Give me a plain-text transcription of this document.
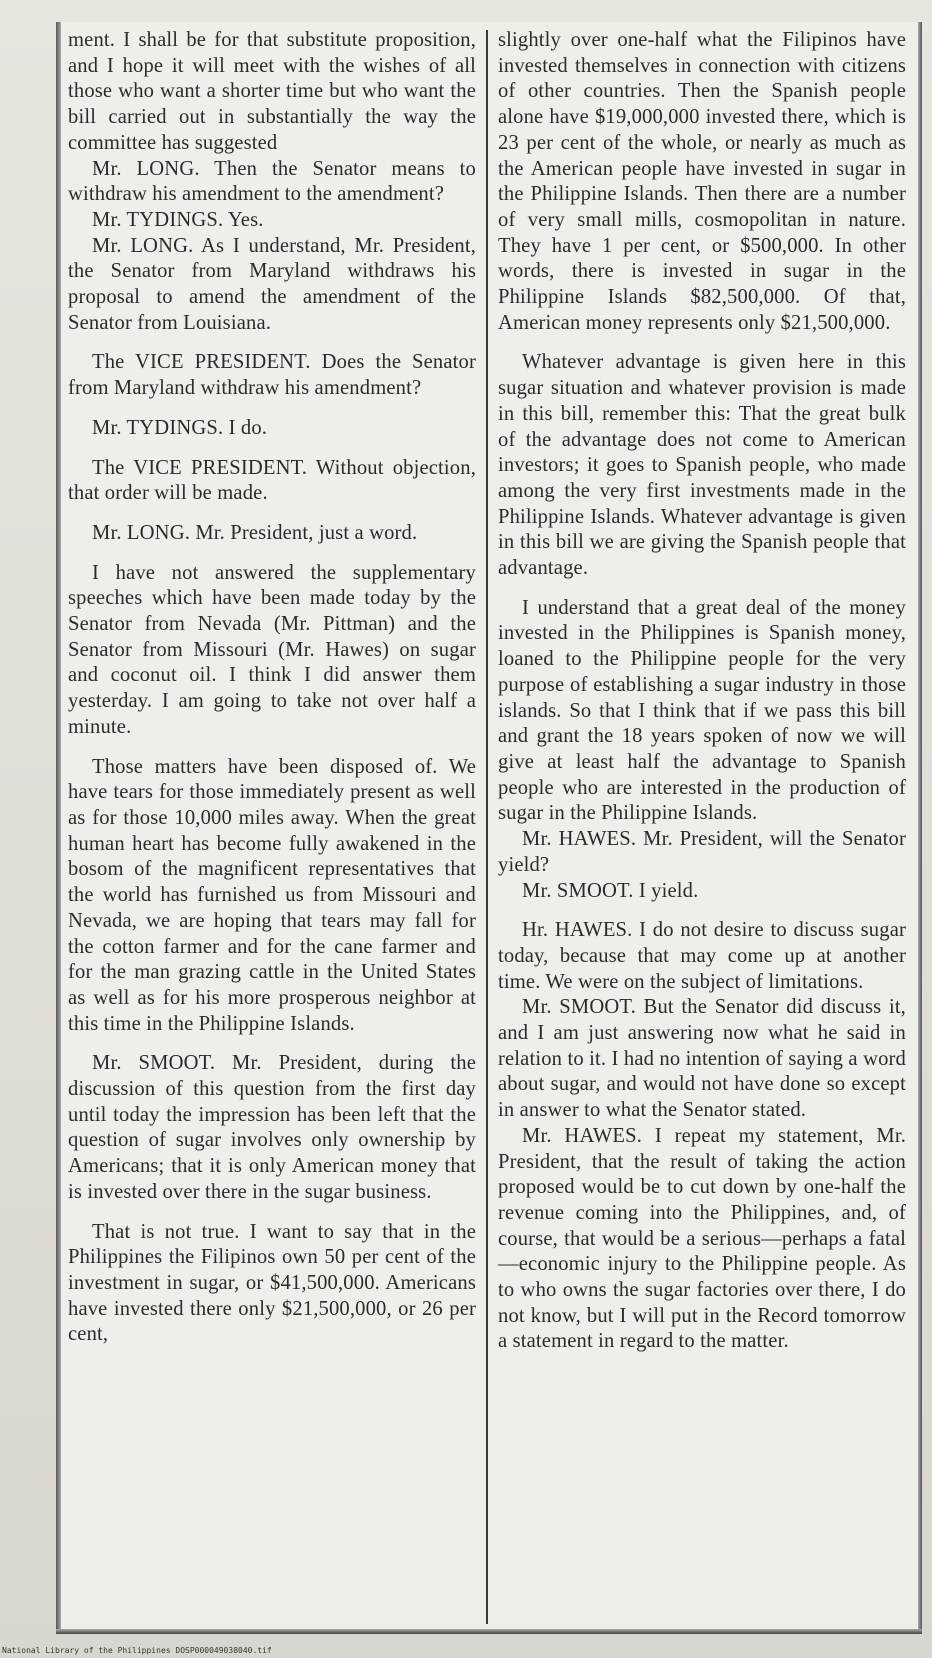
ment. I shall be for that substitute proposition, and I hope it will meet with the wishes of all those who want a shorter time but who want the bill carried out in substantially the way the committee has suggested

Mr. LONG. Then the Senator means to withdraw his amendment to the amendment?

Mr. TYDINGS. Yes.

Mr. LONG. As I understand, Mr. President, the Senator from Maryland withdraws his proposal to amend the amendment of the Senator from Louisiana.

The VICE PRESIDENT. Does the Senator from Maryland withdraw his amendment?

Mr. TYDINGS. I do.

The VICE PRESIDENT. Without objection, that order will be made.

Mr. LONG. Mr. President, just a word.

I have not answered the supplementary speeches which have been made today by the Senator from Nevada (Mr. Pittman) and the Senator from Missouri (Mr. Hawes) on sugar and coconut oil. I think I did answer them yesterday. I am going to take not over half a minute.

Those matters have been disposed of. We have tears for those immediately present as well as for those 10,000 miles away. When the great human heart has become fully awakened in the bosom of the magnificent representatives that the world has furnished us from Missouri and Nevada, we are hoping that tears may fall for the cotton farmer and for the cane farmer and for the man grazing cattle in the United States as well as for his more prosperous neighbor at this time in the Philippine Islands.

Mr. SMOOT. Mr. President, during the discussion of this question from the first day until today the impression has been left that the question of sugar involves only ownership by Americans; that it is only American money that is invested over there in the sugar business.

That is not true. I want to say that in the Philippines the Filipinos own 50 per cent of the investment in sugar, or $41,500,000. Americans have invested there only $21,500,000, or 26 per cent,

slightly over one-half what the Filipinos have invested themselves in connection with citizens of other countries. Then the Spanish people alone have $19,000,000 invested there, which is 23 per cent of the whole, or nearly as much as the American people have invested in sugar in the Philippine Islands. Then there are a number of very small mills, cosmopolitan in nature. They have 1 per cent, or $500,000. In other words, there is invested in sugar in the Philippine Islands $82,500,000. Of that, American money represents only $21,500,000.

Whatever advantage is given here in this sugar situation and whatever provision is made in this bill, remember this: That the great bulk of the advantage does not come to American investors; it goes to Spanish people, who made among the very first investments made in the Philippine Islands. Whatever advantage is given in this bill we are giving the Spanish people that advantage.

I understand that a great deal of the money invested in the Philippines is Spanish money, loaned to the Philippine people for the very purpose of establishing a sugar industry in those islands. So that I think that if we pass this bill and grant the 18 years spoken of now we will give at least half the advantage to Spanish people who are interested in the production of sugar in the Philippine Islands.

Mr. HAWES. Mr. President, will the Senator yield?

Mr. SMOOT. I yield.

Hr. HAWES. I do not desire to discuss sugar today, because that may come up at another time. We were on the subject of limitations.

Mr. SMOOT. But the Senator did discuss it, and I am just answering now what he said in relation to it. I had no intention of saying a word about sugar, and would not have done so except in answer to what the Senator stated.

Mr. HAWES. I repeat my statement, Mr. President, that the result of taking the action proposed would be to cut down by one-half the revenue coming into the Philippines, and, of course, that would be a serious—perhaps a fatal—economic injury to the Philippine people. As to who owns the sugar factories over there, I do not know, but I will put in the Record tomorrow a statement in regard to the matter.

National Library of the Philippines DOSP000049038040.tif
